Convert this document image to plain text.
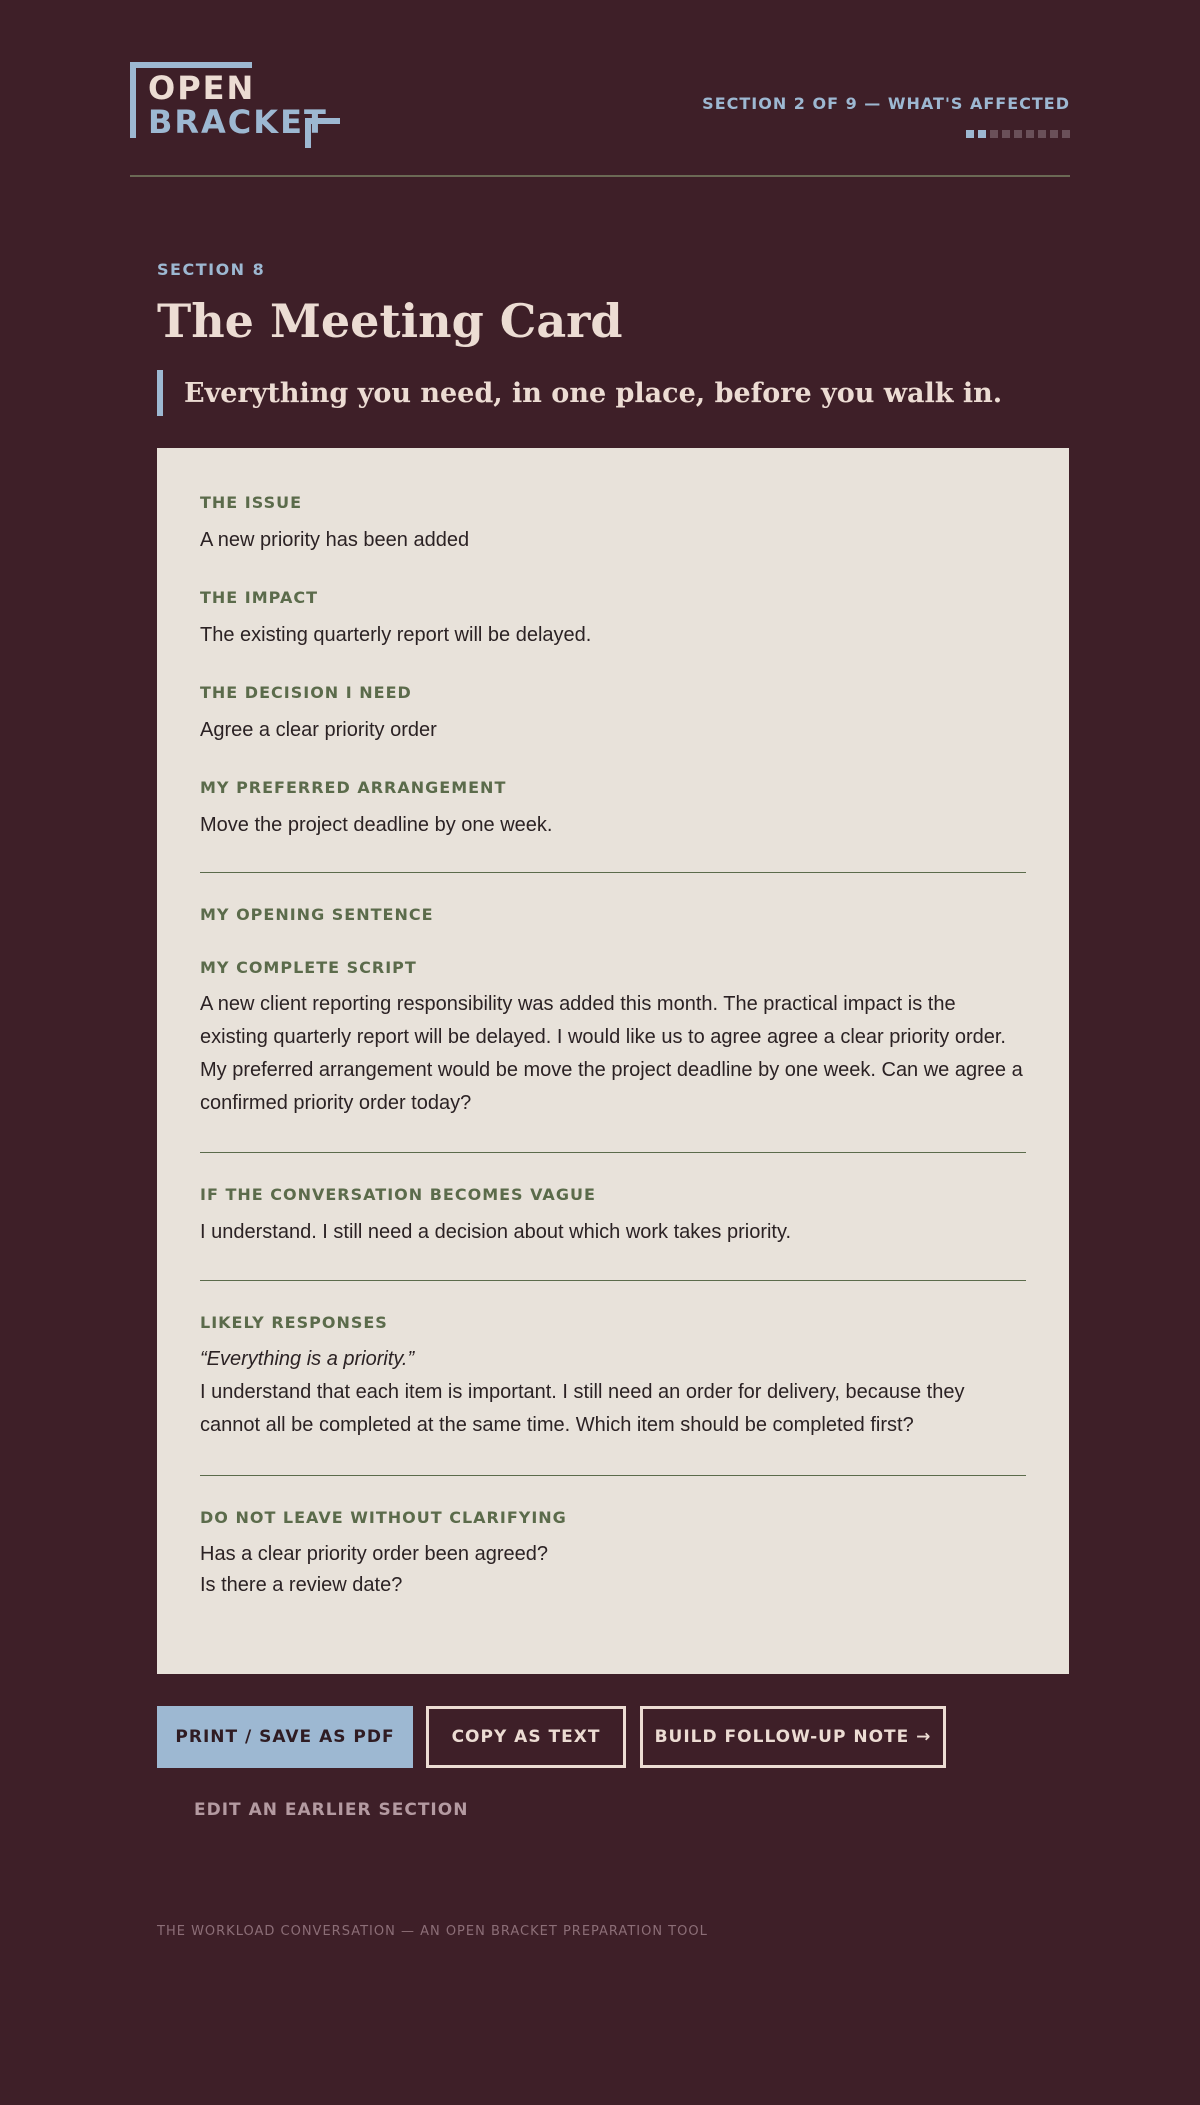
OPEN
BRACKET	SECTION 2 OF 9 — WHAT'S AFFECTED
SECTION 8
The Meeting Card
Everything you need, in one place, before you walk in.
THE ISSUE
A new priority has been added
THE IMPACT
The existing quarterly report will be delayed.
THE DECISION I NEED
Agree a clear priority order
MY PREFERRED ARRANGEMENT
Move the project deadline by one week.
MY OPENING SENTENCE
MY COMPLETE SCRIPT
A new client reporting responsibility was added this month. The practical impact is the existing quarterly report will be delayed. I would like us to agree agree a clear priority order. My preferred arrangement would be move the project deadline by one week. Can we agree a confirmed priority order today?
IF THE CONVERSATION BECOMES VAGUE
I understand. I still need a decision about which work takes priority.
LIKELY RESPONSES
“Everything is a priority.”
I understand that each item is important. I still need an order for delivery, because they cannot all be completed at the same time. Which item should be completed first?
DO NOT LEAVE WITHOUT CLARIFYING
Has a clear priority order been agreed?
Is there a review date?
PRINT / SAVE AS PDF	COPY AS TEXT	BUILD FOLLOW-UP NOTE →
EDIT AN EARLIER SECTION
THE WORKLOAD CONVERSATION — AN OPEN BRACKET PREPARATION TOOL
